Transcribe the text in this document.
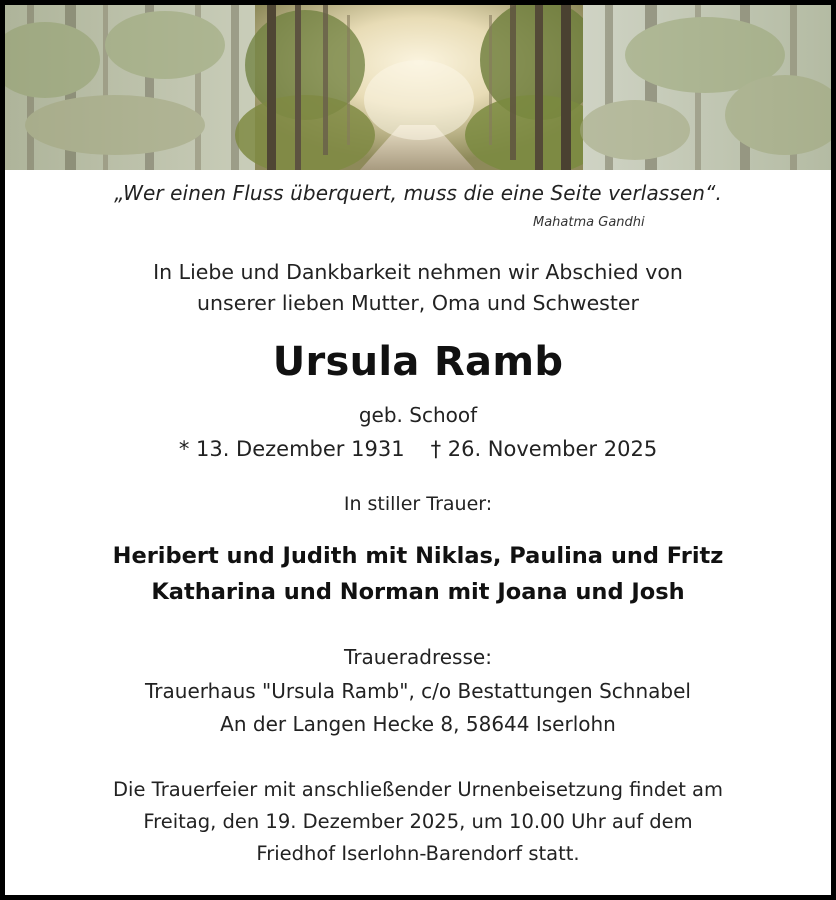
„Wer einen Fluss überquert, muss die eine Seite verlassen“.
Mahatma Gandhi
In Liebe und Dankbarkeit nehmen wir Abschied von
unserer lieben Mutter, Oma und Schwester
Ursula Ramb
geb. Schoof
* 13. Dezember 1931 † 26. November 2025
In stiller Trauer:
Heribert und Judith mit Niklas, Paulina und Fritz
Katharina und Norman mit Joana und Josh
Traueradresse:
Trauerhaus "Ursula Ramb", c/o Bestattungen Schnabel
An der Langen Hecke 8, 58644 Iserlohn
Die Trauerfeier mit anschließender Urnenbeisetzung findet am
Freitag, den 19. Dezember 2025, um 10.00 Uhr auf dem
Friedhof Iserlohn-Barendorf statt.
